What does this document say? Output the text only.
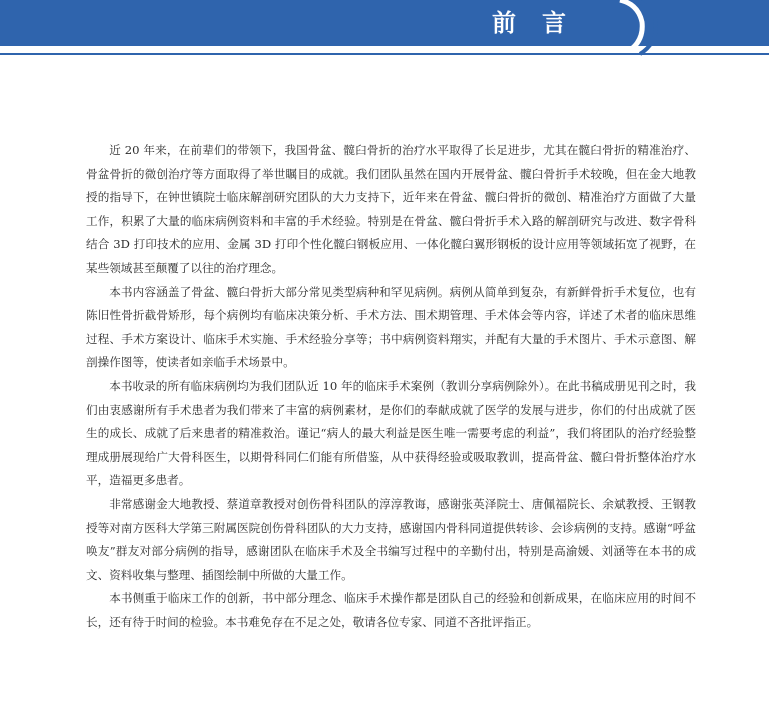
前言

近 20 年来，在前辈们的带领下，我国骨盆、髋臼骨折的治疗水平取得了长足进步，尤其在髋臼骨折的精准治疗、骨盆骨折的微创治疗等方面取得了举世瞩目的成就。我们团队虽然在国内开展骨盆、髋臼骨折手术较晚，但在金大地教授的指导下，在钟世镇院士临床解剖研究团队的大力支持下，近年来在骨盆、髋臼骨折的微创、精准治疗方面做了大量工作，积累了大量的临床病例资料和丰富的手术经验。特别是在骨盆、髋臼骨折手术入路的解剖研究与改进、数字骨科结合 3D 打印技术的应用、金属 3D 打印个性化髋臼钢板应用、一体化髋臼翼形钢板的设计应用等领域拓宽了视野，在某些领域甚至颠覆了以往的治疗理念。

本书内容涵盖了骨盆、髋臼骨折大部分常见类型病种和罕见病例。病例从简单到复杂，有新鲜骨折手术复位，也有陈旧性骨折截骨矫形，每个病例均有临床决策分析、手术方法、围术期管理、手术体会等内容，详述了术者的临床思维过程、手术方案设计、临床手术实施、手术经验分享等；书中病例资料翔实，并配有大量的手术图片、手术示意图、解剖操作图等，使读者如亲临手术场景中。

本书收录的所有临床病例均为我们团队近 10 年的临床手术案例（教训分享病例除外）。在此书稿成册见刊之时，我们由衷感谢所有手术患者为我们带来了丰富的病例素材，是你们的奉献成就了医学的发展与进步，你们的付出成就了医生的成长、成就了后来患者的精准救治。谨记“病人的最大利益是医生唯一需要考虑的利益”，我们将团队的治疗经验整理成册展现给广大骨科医生，以期骨科同仁们能有所借鉴，从中获得经验或吸取教训，提高骨盆、髋臼骨折整体治疗水平，造福更多患者。

非常感谢金大地教授、蔡道章教授对创伤骨科团队的淳淳教诲，感谢张英泽院士、唐佩福院长、余斌教授、王钢教授等对南方医科大学第三附属医院创伤骨科团队的大力支持，感谢国内骨科同道提供转诊、会诊病例的支持。感谢“呼盆唤友”群友对部分病例的指导，感谢团队在临床手术及全书编写过程中的辛勤付出，特别是高渝媛、刘涵等在本书的成文、资料收集与整理、插图绘制中所做的大量工作。

本书侧重于临床工作的创新，书中部分理念、临床手术操作都是团队自己的经验和创新成果，在临床应用的时间不长，还有待于时间的检验。本书难免存在不足之处，敬请各位专家、同道不吝批评指正。
